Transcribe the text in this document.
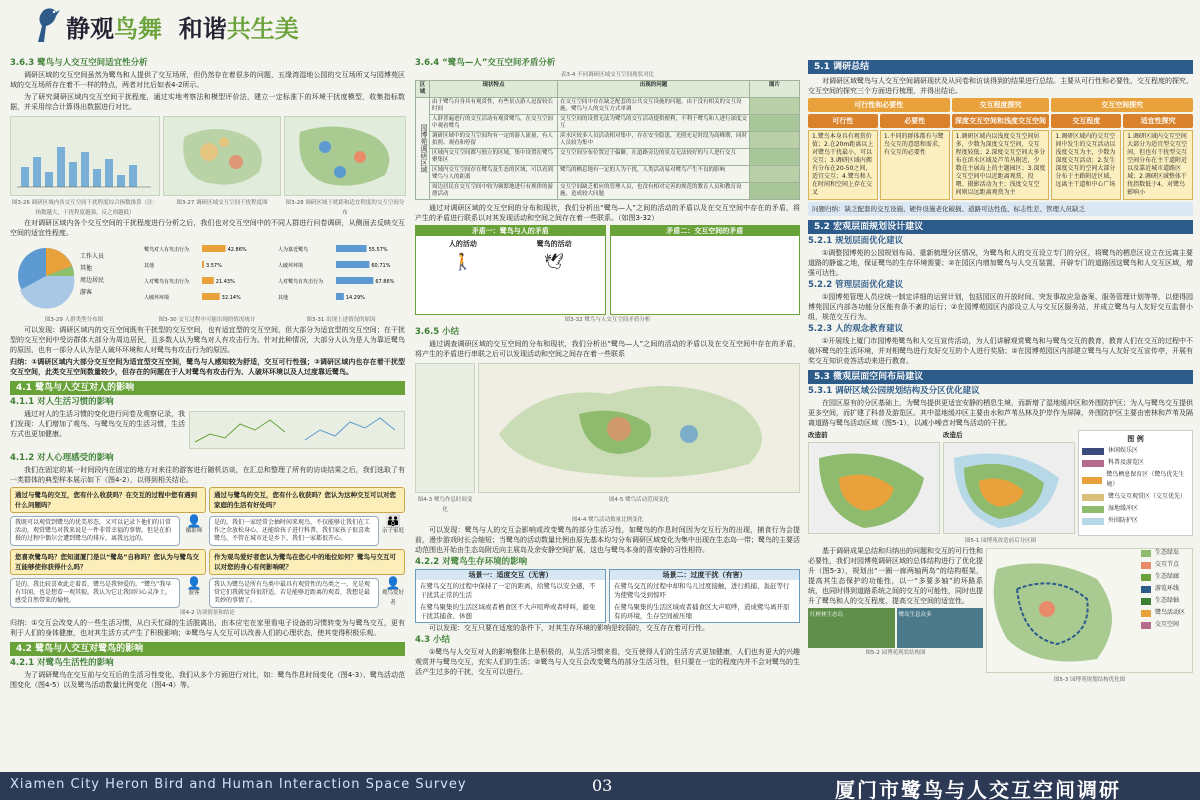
静观鸟舞 和谐共生美
3.6.3 鹭鸟与人交互空间适宜性分析
调研区域的交互空间虽然为鹭鸟和人提供了交互场所，但仍然存在着很多的问题，五缘湾湿地公园的交互场所又与园博苑区域的交互场所存在着不一样的特点，两者对比后如表4-2所示。
为了研究调研区域内交互空间干扰程度，通过实地考察法和模型评价法，建立一定标准下的环境干扰度模型，收集指标数据，并采用综合计算得出数据进行对比。
图3-26 调研区域内各交互空间干扰程度综合指数推算（注：指数越大，干扰程度越强，反之则越低）
图3-27 调研区域交互空间干扰程度图	图3-28 调研区域干扰距和适宜程度的交互空间分布
在对调研区域内各个交互空间的干扰程度进行分析之后，我们也对交互空间中的不同人群进行问卷调研，从侧面去反映交互空间的适宜性程度。
工作人员
其他
周边居民
游客
图3-29 人群类型分布图
鹭鸟对人有攻击行为	42.86%
其他	3.57%
人对鹭鸟有攻击行为	21.43%
人破坏环境	32.14%
图3-30 交互过程中可能出现的情况统计
人为靠近鹭鸟	55.57%
人破坏环境	60.71%
人对鹭鸟有攻击行为	67.86%
其他	14.29%
图3-31 出现上述情况的原因
可以发现：调研区域内的交互空间既有干扰型的交互空间，也有适宜型的交互空间，但大部分为适宜型的交互空间；在干扰型的交互空间中受访群体大部分为周边居民，且多数人认为鹭鸟对人有攻击行为。针对此种情况，大部分人认为是人为靠近鹭鸟的原因，也有一部分人认为是人破坏环境和人对鹭鸟有攻击行为的原因。
归纳：①调研区域内大部分交互空间为适宜型交互空间，鹭鸟与人感知较为舒适，交互可行性强；②调研区域内也存在着干扰型交互空间，此类交互空间数量较少，但存在的问题在于人对鹭鸟有攻击行为、人破坏环境以及人过度靠近鹭鸟。
4.1 鹭鸟与人交互对人的影响
4.1.1 对人生活习惯的影响
通过对人的生活习惯的变化进行问卷及观察记录，我们发现：人们增加了观鸟、与鹭鸟交互的生活习惯，生活方式也更加健康。
4.1.2 对人心理感受的影响
我们在固定的某一时间段内在固定的地方对来往的游客进行随机访谈，在汇总和整理了所有的访谈结果之后，我们选取了有一类群体的典型样本展示如下（图4-2），以得到相关结论。
通过与鹭鸟的交互，您有什么收获吗？在交互的过程中您有遇到什么问题吗？
通过与鹭鸟的交互，您有什么收获吗？您认为这种交互可以对您家庭的生活有好处吗？
我既可以观赏到鹭鸟的优美形态，又可以记录下他们的日常活动，观赏鹭鸟对我来说是一件非常幸福的事情，但是在拍摄的过程中偶尔会遭到鹭鸟的排斥，离我远远的。
👤
摄影师
是的，我们一家经常会抽时间来观鸟，不仅能够让我们在工作之余放松身心，还能给孩子进行科普，我们家孩子很喜欢鹭鸟，不管在城市还是乡下，我们一家都很开心。
👪
亲子家庭
您喜欢鹭鸟吗？您知道厦门是以“鹭岛”自称吗？您认为与鹭鸟交互能够使你获得什么吗？
作为观鸟爱好者您认为鹭鸟在您心中的地位如何？鹭鸟与交互可以对您的身心有何影响呢？
是的，我比较喜欢此走着看，鹭鸟是我钟爱的。“鹭鸟”我早有耳闻，也是想看一观其貌。我认为它让我回归心灵净土，感受自然带来的愉悦。
👤
游客
我认为鹭鸟是所有鸟类中最具有观赏性的鸟类之一，光是观赏它们我就觉得很舒适，若是能够近距离的观看，我想是最美妙的事情了。
👤
观鸟爱好者
图4-2 访谈情景和结论
归纳：①交互会改变人的一些生活习惯，从白天忙碌的生活脱离出，由本应宅在家里看电子设备的习惯转变为与鹭鸟交互，更有利于人们的身体健康，也对其生活方式产生了积极影响；②鹭鸟与人交互可以改善人们的心理状态，使其变得积极乐观。
4.2 鹭鸟与人交互对鹭鸟的影响
4.2.1 对鹭鸟生活性的影响
为了调研鹭鸟在交互前与交互后的生活习性变化，我们从多个方面进行对比，如：鹭鸟作息时间变化（图4-3）、鹭鸟活动范围变化（图4-5）以及鹭鸟活动数量比例变化（图4-4）等。
3.6.4 “鹭鸟—人”交互空间矛盾分析
表3-4 不同调研区域交互空间现状对比
区域	现状特点	出现的问题	图片
园博苑调研区域	由于鹭鸟自身具有观赏性，有些景点游人逗留较长时间	在交互空间中存在缺乏配套的公共交互设施的问题，由于没有相关的交互设施，鹭鸟与人的交互方式单调	
	人群普遍进行的交互活动有观赏鹭鸟，在交互空间中观看鹭鸟	交互空间的设置无法为鹭鸟的交互活动提供便利，不利于鹭鸟和人进行深度交互	
	调研区域中的交互空间均有一定的游人流量，有人拍照、观看和停留	滨水区较多人员活动相对集中，存在安全隐患，光照充足时段为高峰期，同时人员较为集中	
	区域内交互空间都与独立的区域，集中设置在鹭鸟聚集区	交互空间分布位置过于偏僻，在道路旁边的景点无法较好的与人进行交互	
	区域内交互空间存在鹭鸟及生态的区域，可以看到鹭鸟与人的距离	鹭鸟的栖息地有一定的人为干扰，人类活动易对鹭鸟产生不良的影响	
	周边居民在交互空间中较为频繁地进行有规律的游憩活动	交互空间缺乏相应的管理人员，也没有相对完善的规范的教育人员和教育设施，造成较大问题	
通过对调研区域的交互空间的分布和现状，我们分析出“鹭鸟—人”之间的活动的矛盾以及在交互空间中存在的矛盾，将产生的矛盾进行联系以对其发现活动和空间之间存在着一些联系。（如图3-32）
矛盾一：鹭鸟与人的矛盾
人的活动
🚶
鹭鸟的活动
🕊
矛盾二：交互空间的矛盾
图3-32 鹭鸟与人交互空间矛盾分析
3.6.5 小结
通过调查调研区域的交互空间的分布和现状，我们分析出“鹭鸟—人”之间的活动的矛盾以及在交互空间中存在的矛盾，将产生的矛盾进行串联之后可以发现活动和空间之间存在着一些联系
图4-3 鹭鸟作息时间变化
图4-5 鹭鸟活动范围变化
图4-4 鹭鸟活动数量比例变化
可以发现：鹭鸟与人的交互会影响或改变鹭鸟的部分生活习性，如鹭鸟的作息时间因为交互行为的出现，捕食行为会提前，漫步游戏时长会缩短；当鹭鸟的活动数量比例由原先基本均匀分布调研区域变化为集中出现在生态岛一带；鹭鸟的主要活动范围也开始由生态岛附近向主展岛及余安静空间扩展，这也与鹭鸟本身的喜安静的习性相符。
4.2.2 对鹭鸟生存环境的影响
场景一：适度交互（无害）
在鹭鸟交互的过程中保持了一定的距离，给鹭鸟以安全感，不干扰其正常的生活
在鹭鸟聚集的生活区域或者栖食区不大声喧哗或者呼叫，避免干扰其捕食、休憩
场景二：过度干扰（有害）
在鹭鸟交互的过程中却和鸟儿过度接触，进行抓捕、轰赶等行为使鹭鸟受到惊吓
在鹭鸟聚集的生活区域或者捕食区大声喧哗，造成鹭鸟离开原有的环境，生存空间被压缩
可以发现：交互只要在适度的条件下，对其生存环境的影响是较弱的，交互存在着可行性。
4.3 小结
①鹭鸟与人交互对人的影响整体上是积极的，从生活习惯来看，交互使得人们的生活方式更加健康，人们也有更大的兴趣观赏并与鹭鸟交互，充实人们的生活；②鹭鸟与人交互会改变鹭鸟的部分生活习性，但只要在一定的程度内并不会对鹭鸟的生活产生过多的干扰，交互可以进行。
5.1 调研总结
对调研区域鹭鸟与人交互空间调研现状及从问卷和访谈得到的结果进行总结。主要从可行性和必要性、交互程度的探究、交互空间的探究三个方面进行梳理，并得出结论。
可行性和必要性	交互程度探究	交互空间探究
可行性	必要性	深度交互空间和浅度交互空间	交互程度	适宜性探究
1.鹭鸟本身具有观赏价值；2.在20m距离以上对鹭鸟干扰最小，可以交互；3.调研区域内拥有分布在20-50之间，适宜交互；4.鹭鸟和人在时间和空间上存在交叉
1.不同的群体都有与鹭鸟交互的意愿和需求，有交互的必要性
1.调研区域内以浅度交互空间居多，少数为深度交互空间，交互程度较低；2.深度交互空间大多分布在滨水区域及芦苇丛附近，少数在主展岛上的主题园区；3.深度交互空间中以近距离观赏、投喂、摄影活动为主；浅度交互空间则以远距离观赏为主
1.调研区域内的交互空间中发生的交互活动以浅度交互为主，少数为深度交互活动；2.发生深度交互的空间大部分分布于主路附近区域，远离主干道和中心广场
1.调研区域内交互空间大部分为适宜型交互空间，但也有干扰型交互空间分布在主干道附近以及靠近城市道路区域；2.调研区域整体干扰指数低于4，对鹭鸟影响小
问题归纳：缺乏配套的交互设施、硬件设施老化破损、道路可达性低、标志性差、管理人员缺乏
5.2 宏观层面规划设计建议
5.2.1 规划层面优化建议
①调整园博苑的公园规划布局、重新梳理分区情况，为鹭鸟和人的交互设立专门的分区，将鹭鸟的栖息区设立在远离主要道路的静谧之地，保证鹭鸟的生存环境需要；②在园区内增加鹭鸟与人交互装置，开辟专门的道路因这鹭鸟和人交互区域，增强可达性。
5.2.2 管理层面优化建议
①园博苑管理人员应统一制定详细的运营计划，包括园区的开放时间、突发事故应急备案、服务管理计划等等，以便得园博苑园区内部各功能分区能有条不紊的运行；②在园博苑园区内部设立人与交互区服务站，并成立鹭鸟与人友好交互监督小组，规范交互行为。
5.2.3 人的观念教育建议
①开展线上厦门市园博苑鹭鸟和人交互宣传活动，为人们讲解观赏鹭鸟和与鹭鸟交互的教育，教育人们在交互的过程中不破坏鹭鸟的生活环境，并对相鹭鸟进行友好交互的个人进行奖励；②在园博苑园区内部建立鹭鸟与人友好交互宣传亭，开展有奖交互知识竞答活动来进行教育。
5.3 微观层面空间布局建议
5.3.1 调研区域公园规划结构及分区优化建议
在园区原有的分区基础上，为鹭鸟提供更适宜安静的栖息生境，而新增了湿地缓冲区和外围防护区；为人与鹭鸟交互提供更多空间，而扩建了科普及游览区。其中湿地缓冲区主要由水和芦苇丛林及护岸作为屏障，外围防护区主要由密林和芦苇及隔离道路与鹭鸟活动区域（图5-1），以减小噪音对鹭鸟活动的干扰。
改造前	改造后	图 例
休闲娱乐区
科普及游览区
鹭鸟栖息保育区（鹭鸟优先生境）
鹭鸟交互观赏区（交互优先）
湿地缓冲区
外围防护区
图5-1 园博苑改造前后分区图
基于调研成果总结和归纳出的问题和交互的可行性和必要性，我们对园博苑调研区域的总体结构进行了优化提升（图5-3），规划出“一圈一廊两轴两岛”的结构框架，提高其生态保护的功能性，以一“多要多轴”的环路系统，也同时得到道路系统之间的交互的可能性，同时也提升了鹭鸟和人的交互程度，提高交互空间的适宜性。
红树林生态岛	鹭岛生息众多
图5-2 园博苑现状结构图
生态绿岛
交互节点
生态绿廊
游览环线
生态绿轴
鹭鸟活动区
交互空间
图5-3 园博苑规划结构优化图
Xiamen City Heron Bird and Human Interaction Space Survey	03	厦门市鹭鸟与人交互空间调研
